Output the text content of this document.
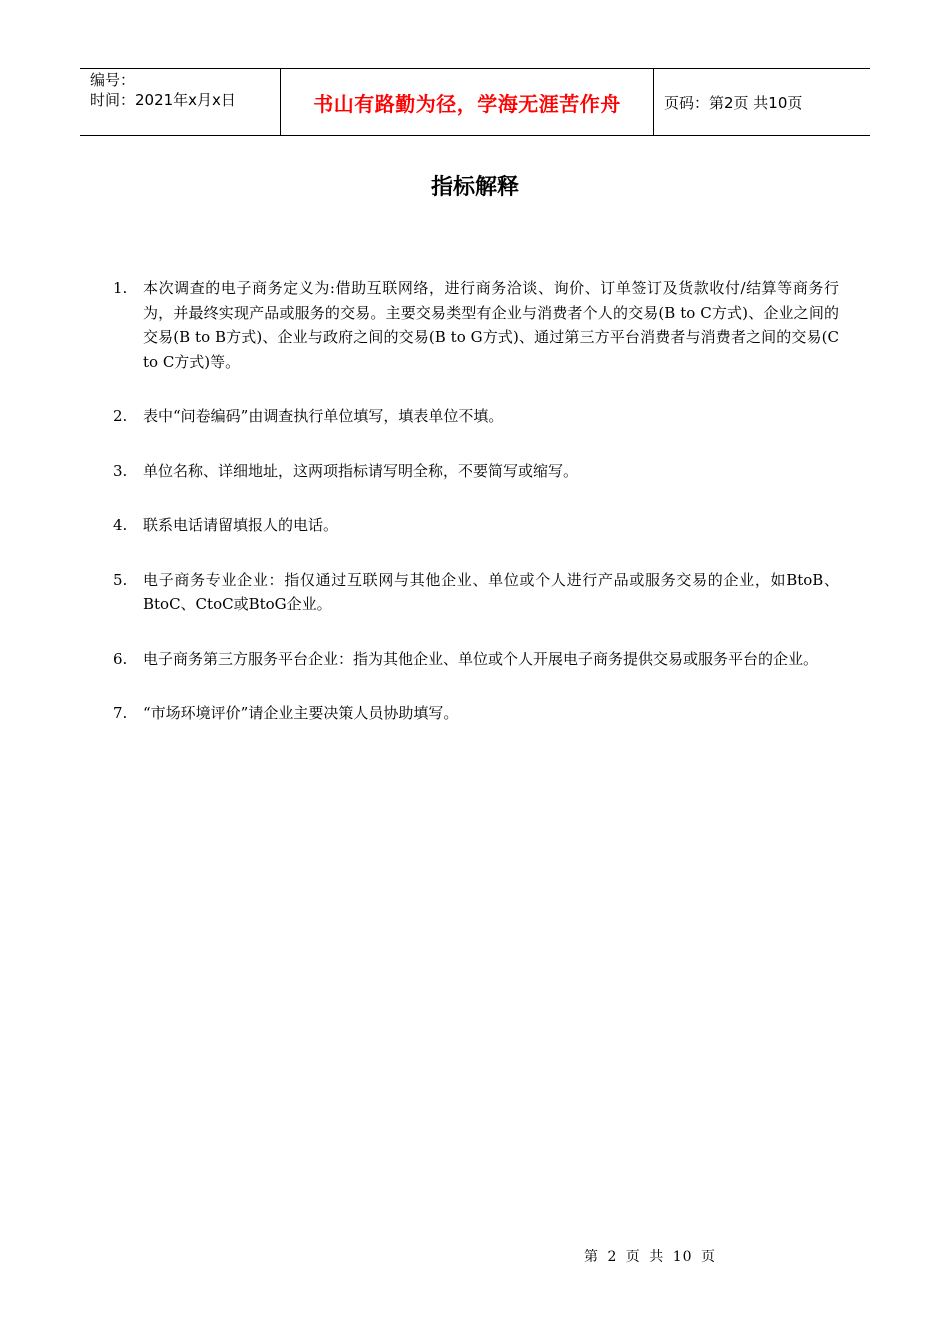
编号：
时间：2021年x月x日	书山有路勤为径，学海无涯苦作舟	页码：第2页 共10页
指标解释
1.	本次调查的电子商务定义为:借助互联网络，进行商务洽谈、询价、订单签订及货款收付/结算等商务行为，并最终实现产品或服务的交易。主要交易类型有企业与消费者个人的交易(B to C方式)、企业之间的交易(B to B方式)、企业与政府之间的交易(B to G方式)、通过第三方平台消费者与消费者之间的交易(C to C方式)等。
2.	表中“问卷编码”由调查执行单位填写，填表单位不填。
3.	单位名称、详细地址，这两项指标请写明全称，不要简写或缩写。
4.	联系电话请留填报人的电话。
5.	电子商务专业企业：指仅通过互联网与其他企业、单位或个人进行产品或服务交易的企业，如BtoB、BtoC、CtoC或BtoG企业。
6.	电子商务第三方服务平台企业：指为其他企业、单位或个人开展电子商务提供交易或服务平台的企业。
7.	“市场环境评价”请企业主要决策人员协助填写。
第 2 页 共 10 页
